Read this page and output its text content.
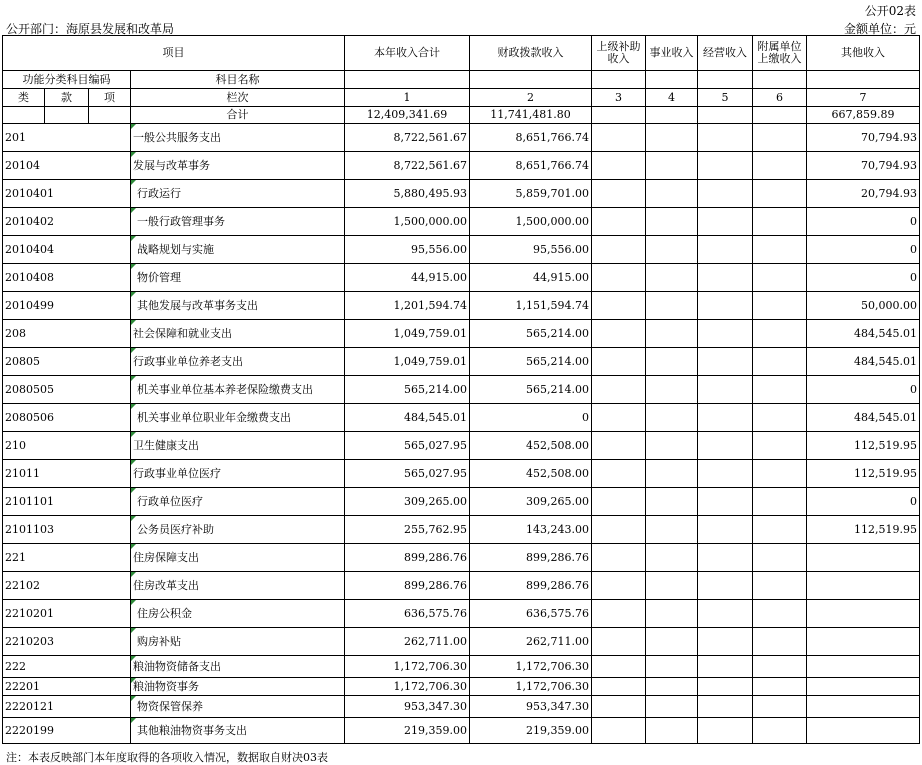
公开02表
公开部门：海原县发展和改革局	金额单位：元
项目				本年收入合计	财政拨款收入	上级补助收入	事业收入	经营收入	附属单位上缴收入	其他收入
功能分类科目编码			科目名称							
类	款	项	栏次	1	2	3	4	5	6	7
			合计	12,409,341.69	11,741,481.80					667,859.89
201			一般公共服务支出	8,722,561.67	8,651,766.74					70,794.93
20104			发展与改革事务	8,722,561.67	8,651,766.74					70,794.93
2010401			行政运行	5,880,495.93	5,859,701.00					20,794.93
2010402			一般行政管理事务	1,500,000.00	1,500,000.00					0
2010404			战略规划与实施	95,556.00	95,556.00					0
2010408			物价管理	44,915.00	44,915.00					0
2010499			其他发展与改革事务支出	1,201,594.74	1,151,594.74					50,000.00
208			社会保障和就业支出	1,049,759.01	565,214.00					484,545.01
20805			行政事业单位养老支出	1,049,759.01	565,214.00					484,545.01
2080505			机关事业单位基本养老保险缴费支出	565,214.00	565,214.00					0
2080506			机关事业单位职业年金缴费支出	484,545.01	0					484,545.01
210			卫生健康支出	565,027.95	452,508.00					112,519.95
21011			行政事业单位医疗	565,027.95	452,508.00					112,519.95
2101101			行政单位医疗	309,265.00	309,265.00					0
2101103			公务员医疗补助	255,762.95	143,243.00					112,519.95
221			住房保障支出	899,286.76	899,286.76					
22102			住房改革支出	899,286.76	899,286.76					
2210201			住房公积金	636,575.76	636,575.76					
2210203			购房补贴	262,711.00	262,711.00					
222			粮油物资储备支出	1,172,706.30	1,172,706.30					
22201			粮油物资事务	1,172,706.30	1,172,706.30					
2220121			物资保管保养	953,347.30	953,347.30					
2220199			其他粮油物资事务支出	219,359.00	219,359.00					
注：本表反映部门本年度取得的各项收入情况，数据取自财决03表
